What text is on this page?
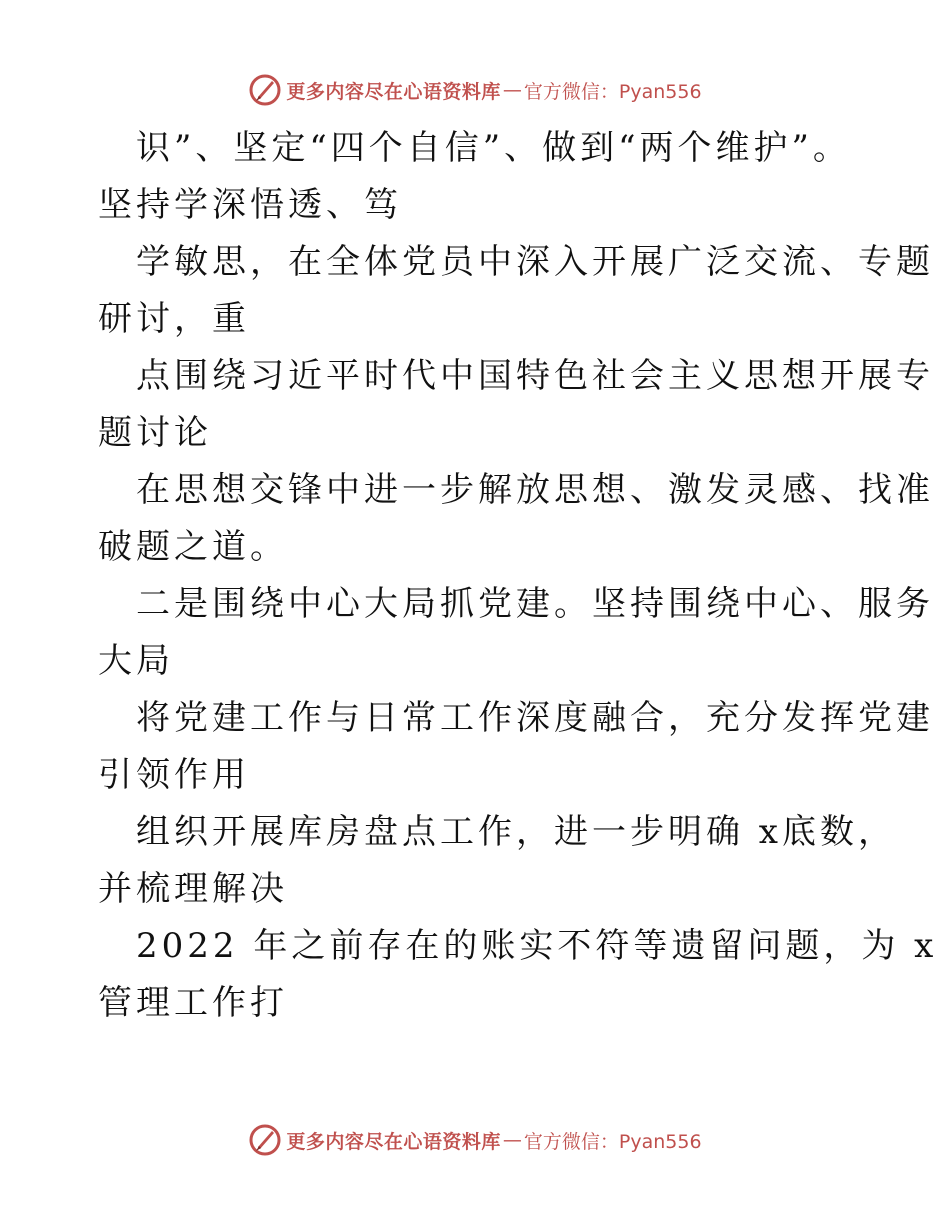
更多内容尽在心语资料库 — 官方微信：Pyan556
识”、坚定“四个自信”、做到“两个维护”。
坚持学深悟透、笃
学敏思，在全体党员中深入开展广泛交流、专题
研讨，重
点围绕习近平时代中国特色社会主义思想开展专
题讨论
在思想交锋中进一步解放思想、激发灵感、找准
破题之道。
二是围绕中心大局抓党建。坚持围绕中心、服务
大局
将党建工作与日常工作深度融合，充分发挥党建
引领作用
组织开展库房盘点工作，进一步明确 x底数，
并梳理解决
2022 年之前存在的账实不符等遗留问题，为 x
管理工作打
更多内容尽在心语资料库 — 官方微信：Pyan556
